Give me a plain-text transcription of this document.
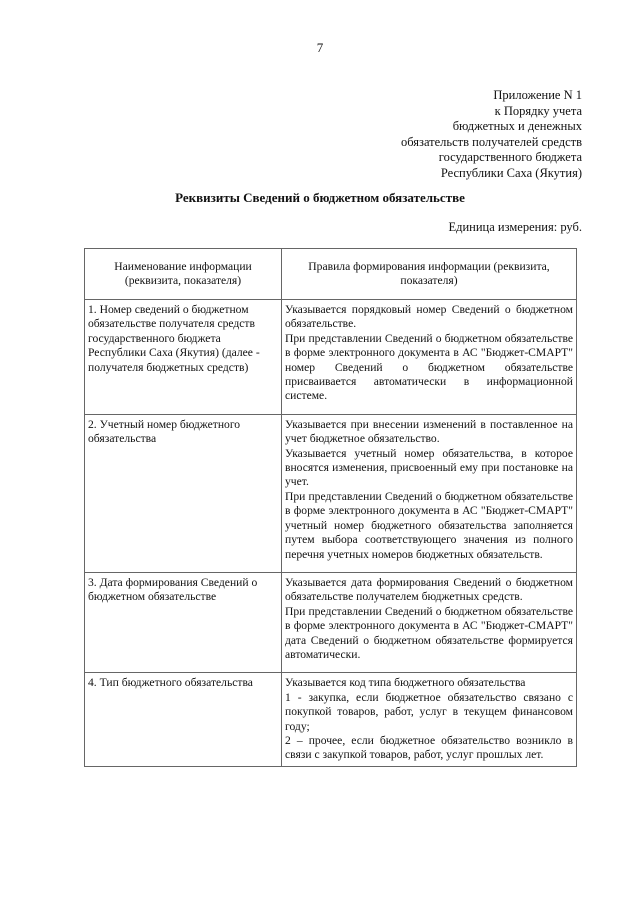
7
Приложение N 1
к Порядку учета
бюджетных и денежных
обязательств получателей средств
государственного бюджета
Республики Саха (Якутия)
Реквизиты Сведений о бюджетном обязательстве
Единица измерения: руб.
Наименование информации (реквизита, показателя)	Правила формирования информации (реквизита, показателя)
1. Номер сведений о бюджетном обязательстве получателя средств государственного бюджета Республики Саха (Якутия) (далее - получателя бюджетных средств)	Указывается порядковый номер Сведений о бюджетном обязательстве.

При представлении Сведений о бюджетном обязательстве в форме электронного документа в АС "Бюджет-СМАРТ" номер Сведений о бюджетном обязательстве присваивается автоматически в информационной системе.

2. Учетный номер бюджетного обязательства	Указывается при внесении изменений в поставленное на учет бюджетное обязательство.

Указывается учетный номер обязательства, в которое вносятся изменения, присвоенный ему при постановке на учет.

При представлении Сведений о бюджетном обязательстве в форме электронного документа в АС "Бюджет-СМАРТ" учетный номер бюджетного обязательства заполняется путем выбора соответствующего значения из полного перечня учетных номеров бюджетных обязательств.

3. Дата формирования Сведений о бюджетном обязательстве	Указывается дата формирования Сведений о бюджетном обязательстве получателем бюджетных средств.

При представлении Сведений о бюджетном обязательстве в форме электронного документа в АС "Бюджет-СМАРТ" дата Сведений о бюджетном обязательстве формируется автоматически.

4. Тип бюджетного обязательства	Указывается код типа бюджетного обязательства

1 - закупка, если бюджетное обязательство связано с покупкой товаров, работ, услуг в текущем финансовом году;

2 – прочее, если бюджетное обязательство возникло в связи с закупкой товаров, работ, услуг прошлых лет.
